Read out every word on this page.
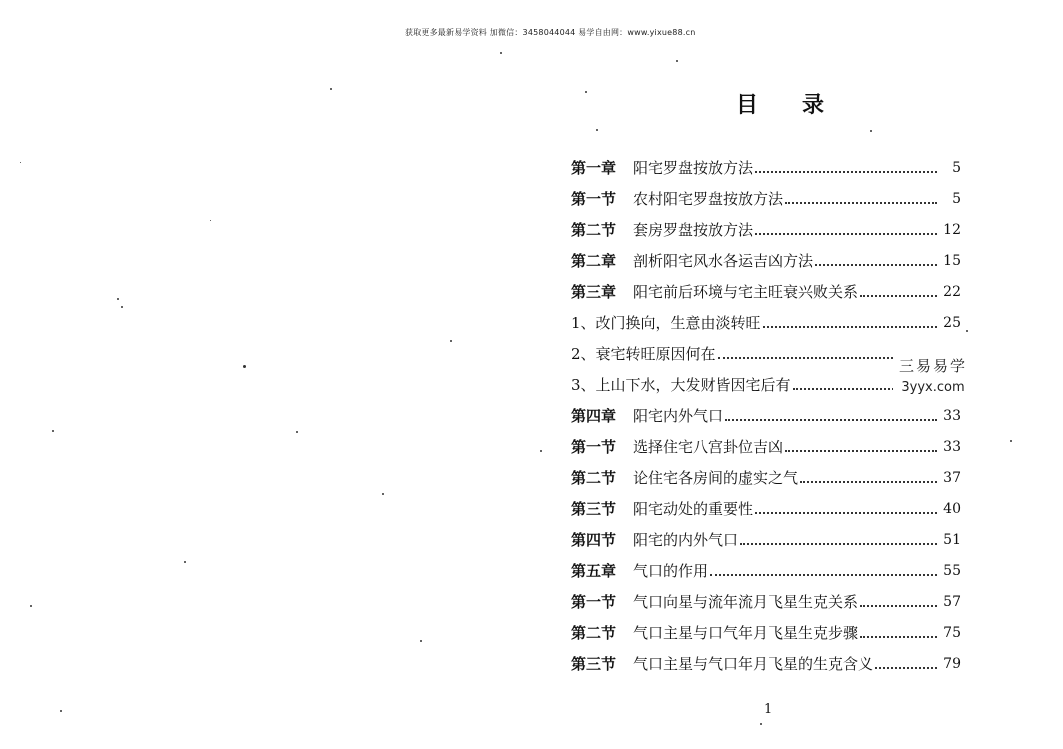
获取更多最新易学资料 加微信：3458044044 易学自由网：www.yixue88.cn
目录
第一章	阳宅罗盘按放方法	5
第一节	农村阳宅罗盘按放方法	5
第二节	套房罗盘按放方法	12
第二章	剖析阳宅风水各运吉凶方法	15
第三章	阳宅前后环境与宅主旺衰兴败关系	22
1、改门换向，生意由淡转旺	25
2、衰宅转旺原因何在
3、上山下水，大发财皆因宅后有
第四章	阳宅内外气口	33
第一节	选择住宅八宫卦位吉凶	33
第二节	论住宅各房间的虚实之气	37
第三节	阳宅动处的重要性	40
第四节	阳宅的内外气口	51
第五章	气口的作用	55
第一节	气口向星与流年流月飞星生克关系	57
第二节	气口主星与口气年月飞星生克步骤	75
第三节	气口主星与气口年月飞星的生克含义	79
三易易学
3yyx.com
1
